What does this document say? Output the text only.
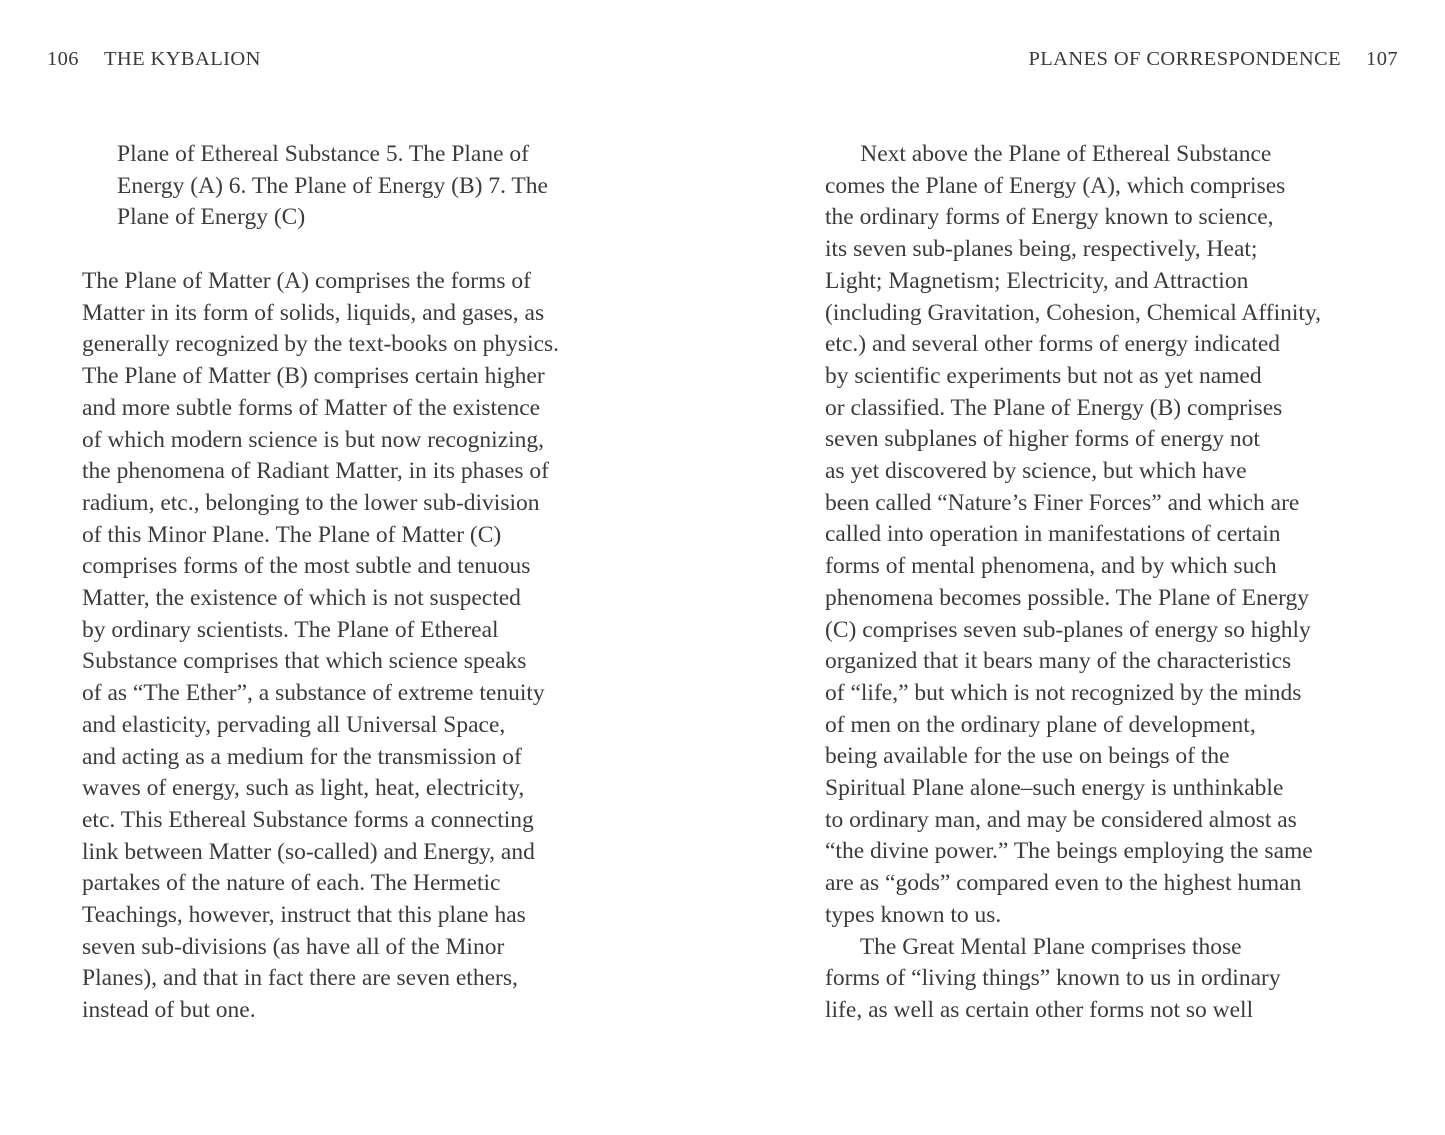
106 THE KYBALION
Plane of Ethereal Substance 5. The Plane of
Energy (A) 6. The Plane of Energy (B) 7. The
Plane of Energy (C)
The Plane of Matter (A) comprises the forms of
Matter in its form of solids, liquids, and gases, as
generally recognized by the text-books on physics.
The Plane of Matter (B) comprises certain higher
and more subtle forms of Matter of the existence
of which modern science is but now recognizing,
the phenomena of Radiant Matter, in its phases of
radium, etc., belonging to the lower sub-division
of this Minor Plane. The Plane of Matter (C)
comprises forms of the most subtle and tenuous
Matter, the existence of which is not suspected
by ordinary scientists. The Plane of Ethereal
Substance comprises that which science speaks
of as “The Ether”, a substance of extreme tenuity
and elasticity, pervading all Universal Space,
and acting as a medium for the transmission of
waves of energy, such as light, heat, electricity,
etc. This Ethereal Substance forms a connecting
link between Matter (so-called) and Energy, and
partakes of the nature of each. The Hermetic
Teachings, however, instruct that this plane has
seven sub-divisions (as have all of the Minor
Planes), and that in fact there are seven ethers,
instead of but one.
PLANES OF CORRESPONDENCE 107
Next above the Plane of Ethereal Substance
comes the Plane of Energy (A), which comprises
the ordinary forms of Energy known to science,
its seven sub-planes being, respectively, Heat;
Light; Magnetism; Electricity, and Attraction
(including Gravitation, Cohesion, Chemical Affinity,
etc.) and several other forms of energy indicated
by scientific experiments but not as yet named
or classified. The Plane of Energy (B) comprises
seven subplanes of higher forms of energy not
as yet discovered by science, but which have
been called “Nature’s Finer Forces” and which are
called into operation in manifestations of certain
forms of mental phenomena, and by which such
phenomena becomes possible. The Plane of Energy
(C) comprises seven sub-planes of energy so highly
organized that it bears many of the characteristics
of “life,” but which is not recognized by the minds
of men on the ordinary plane of development,
being available for the use on beings of the
Spiritual Plane alone–such energy is unthinkable
to ordinary man, and may be considered almost as
“the divine power.” The beings employing the same
are as “gods” compared even to the highest human
types known to us.
The Great Mental Plane comprises those
forms of “living things” known to us in ordinary
life, as well as certain other forms not so well
